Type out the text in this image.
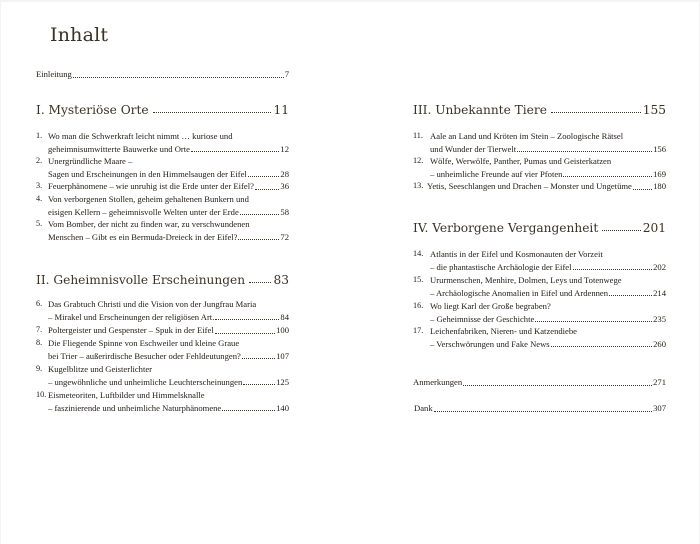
Inhalt
Einleitung	7
I. Mysteriöse Orte	11
1. Wo man die Schwerkraft leicht nimmt … kuriose und
geheimnisumwitterte Bauwerke und Orte	12
2. Unergründliche Maare –
Sagen und Erscheinungen in den Himmelsaugen der Eifel	28
3. Feuerphänomene – wie unruhig ist die Erde unter der Eifel?	36
4. Von verborgenen Stollen, geheim gehaltenen Bunkern und
eisigen Kellern – geheimnisvolle Welten unter der Erde	58
5. Vom Bomber, der nicht zu finden war, zu verschwundenen
Menschen – Gibt es ein Bermuda-Dreieck in der Eifel?	72
II. Geheimnisvolle Erscheinungen 83
6. Das Grabtuch Christi und die Vision von der Jungfrau Maria
– Mirakel und Erscheinungen der religiösen Art.	84
7. Poltergeister und Gespenster – Spuk in der Eifel	100
8. Die Fliegende Spinne von Eschweiler und kleine Graue
bei Trier – außerirdische Besucher oder Fehldeutungen?	107
9. Kugelblitze und Geisterlichter
– ungewöhnliche und unheimliche Leuchterscheinungen	125
10. Eismeteoriten, Luftbilder und Himmelsknalle
– faszinierende und unheimliche Naturphänomene	140
III. Unbekannte Tiere	155
11. Aale an Land und Kröten im Stein – Zoologische Rätsel
und Wunder der Tierwelt	156
12. Wölfe, Werwölfe, Panther, Pumas und Geisterkatzen
– unheimliche Freunde auf vier Pfoten	169
13. Yetis, Seeschlangen und Drachen – Monster und Ungetüme 180
IV. Verborgene Vergangenheit	201
14. Atlantis in der Eifel und Kosmonauten der Vorzeit
– die phantastische Archäologie der Eifel	202
15. Ururmenschen, Menhire, Dolmen, Leys und Totenwege
– Archäologische Anomalien in Eifel und Ardennen	214
16. Wo liegt Karl der Große begraben?
– Geheimnisse der Geschichte	235
17. Leichenfabriken, Nieren- und Katzendiebe
– Verschwörungen und Fake News	260
Anmerkungen	271
Dank	307
